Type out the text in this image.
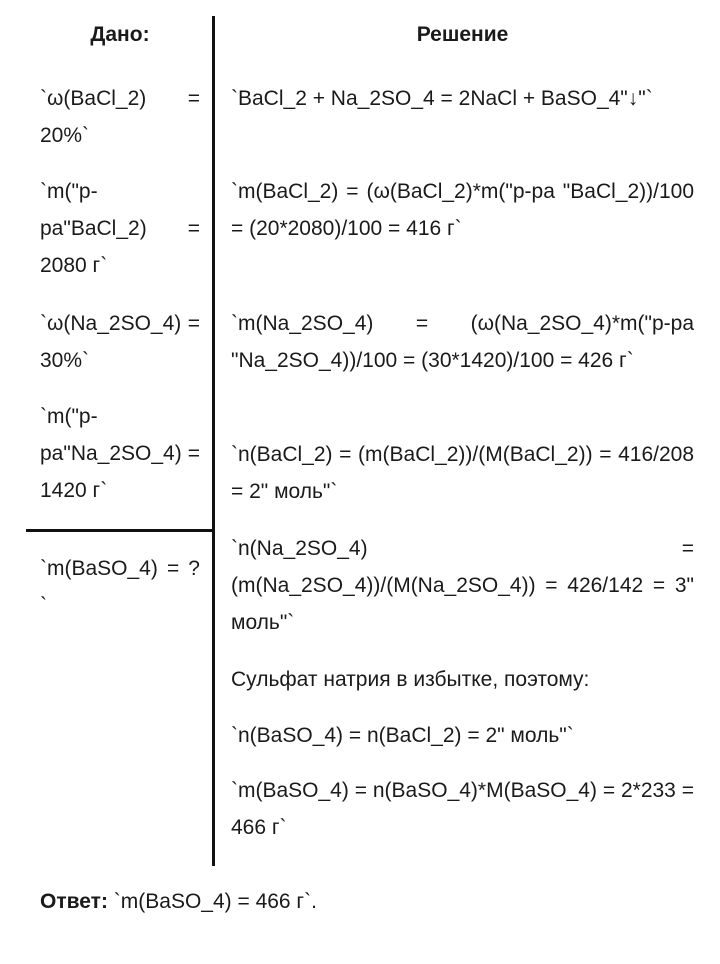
Дано:	Решение

`ω(BaCl_2) = 20%`

`m("р-ра"BaCl_2) = 2080 г`

`ω(Na_2SO_4) = 30%`

`m("р-ра"Na_2SO_4) = 1420 г`

`m(BaSO_4) = ?`

`BaCl_2 + Na_2SO_4 = 2NaCl + BaSO_4"↓"`

`m(BaCl_2) = (ω(BaCl_2)*m("р-ра "BaCl_2))/100 = (20*2080)/100 = 416 г`

`m(Na_2SO_4) = (ω(Na_2SO_4)*m("р-ра "Na_2SO_4))/100 = (30*1420)/100 = 426 г`

`n(BaCl_2) = (m(BaCl_2))/(M(BaCl_2)) = 416/208 = 2" моль"`

`n(Na_2SO_4) = (m(Na_2SO_4))/(M(Na_2SO_4)) = 426/142 = 3" моль"`

Сульфат натрия в избытке, поэтому:

`n(BaSO_4) = n(BaCl_2) = 2" моль"`

`m(BaSO_4) = n(BaSO_4)*M(BaSO_4) = 2*233 = 466 г`

Ответ: `m(BaSO_4) = 466 г`.
